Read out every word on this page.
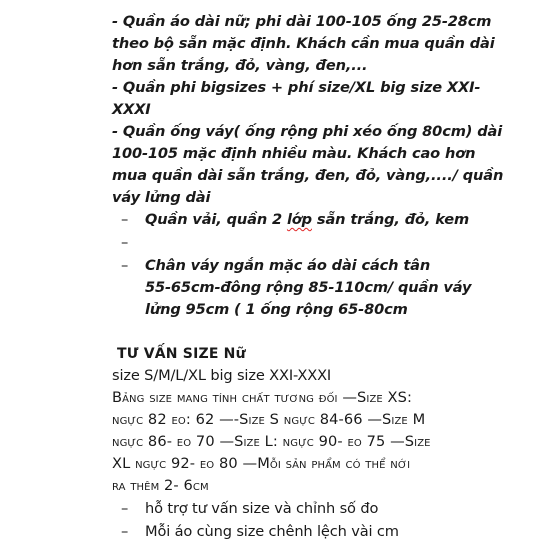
- Quần áo dài nữ; phi dài 100-105 ống 25-28cm
theo bộ sẵn mặc định. Khách cần mua quần dài
hơn sẵn trắng, đỏ, vàng, đen,...
- Quần phi bigsizes + phí size/XL big size XXI-
XXXI
- Quần ống váy( ống rộng phi xéo ống 80cm) dài
100-105 mặc định nhiều màu. Khách cao hơn
mua quần dài sẵn trắng, đen, đỏ, vàng,..../ quần
váy lửng dài
– Quần vải, quần 2 lớp sẵn trắng, đỏ, kem
–
– Chân váy ngắn mặc áo dài cách tân
55-65cm-đông rộng 85-110cm/ quần váy
lửng 95cm ( 1 ống rộng 65-80cm
TƯ VẤN SIZE Nữ
size S/M/L/XL big size XXI-XXXI
Bảng size mang tính chất tương đối —Size XS:
ngực 82 eo: 62 —-Size S ngực 84-66 —Size M
ngực 86- eo 70 —Size L: ngực 90- eo 75 —Size
XL ngực 92- eo 80 —Mỗi sản phẩm có thể nới
ra thêm 2- 6cm
– hỗ trợ tư vấn size và chỉnh số đo
– Mỗi áo cùng size chênh lệch vài cm
